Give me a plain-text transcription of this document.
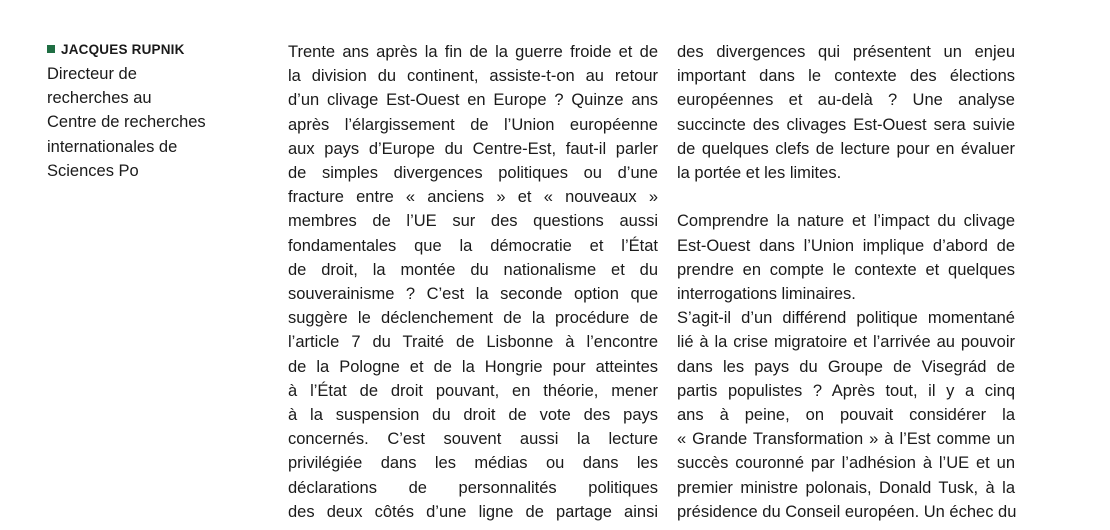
JACQUES RUPNIK
Directeur de
recherches au
Centre de recherches
internationales de
Sciences Po
Trente ans après la fin de la guerre froide et de
la division du continent, assiste-t-on au retour
d’un clivage Est-Ouest en Europe ? Quinze ans
après l’élargissement de l’Union européenne
aux pays d’Europe du Centre-Est, faut-il parler
de simples divergences politiques ou d’une
fracture entre « anciens » et « nouveaux »
membres de l’UE sur des questions aussi
fondamentales que la démocratie et l’État
de droit, la montée du nationalisme et du
souverainisme ? C’est la seconde option que
suggère le déclenchement de la procédure de
l’article 7 du Traité de Lisbonne à l’encontre
de la Pologne et de la Hongrie pour atteintes
à l’État de droit pouvant, en théorie, mener
à la suspension du droit de vote des pays
concernés. C’est souvent aussi la lecture
privilégiée dans les médias ou dans les
déclarations de personnalités politiques
des deux côtés d’une ligne de partage ainsi
des divergences qui présentent un enjeu
important dans le contexte des élections
européennes et au-delà ? Une analyse
succincte des clivages Est-Ouest sera suivie
de quelques clefs de lecture pour en évaluer
la portée et les limites.
Comprendre la nature et l’impact du clivage
Est-Ouest dans l’Union implique d’abord de
prendre en compte le contexte et quelques
interrogations liminaires.
S’agit-il d’un différend politique momentané
lié à la crise migratoire et l’arrivée au pouvoir
dans les pays du Groupe de Visegrád de
partis populistes ? Après tout, il y a cinq
ans à peine, on pouvait considérer la
« Grande Transformation » à l’Est comme un
succès couronné par l’adhésion à l’UE et un
premier ministre polonais, Donald Tusk, à la
présidence du Conseil européen. Un échec du
